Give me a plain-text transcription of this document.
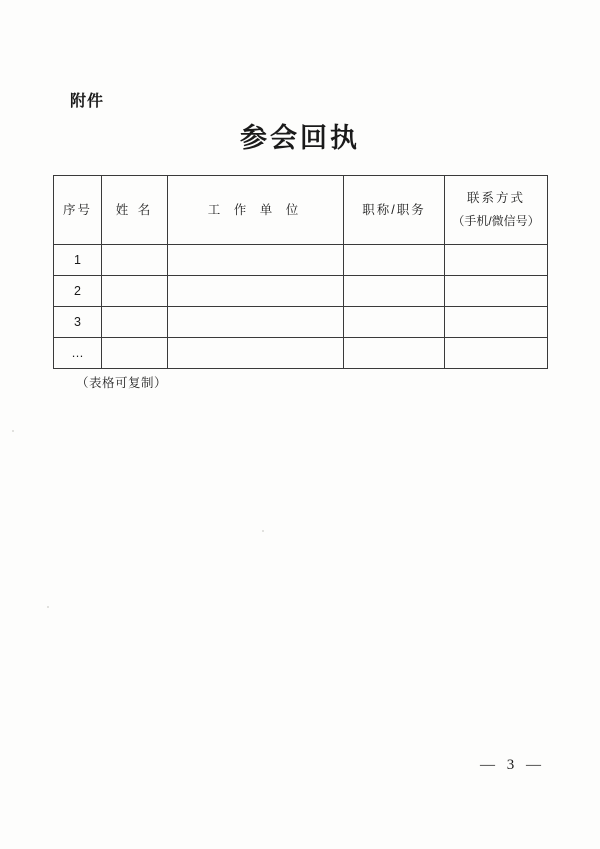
附件
参会回执
序号	姓 名	工 作 单 位	职称/职务	联系方式
（手机/微信号）

1				
2				
3				
…				
（表格可复制）
— 3 —
